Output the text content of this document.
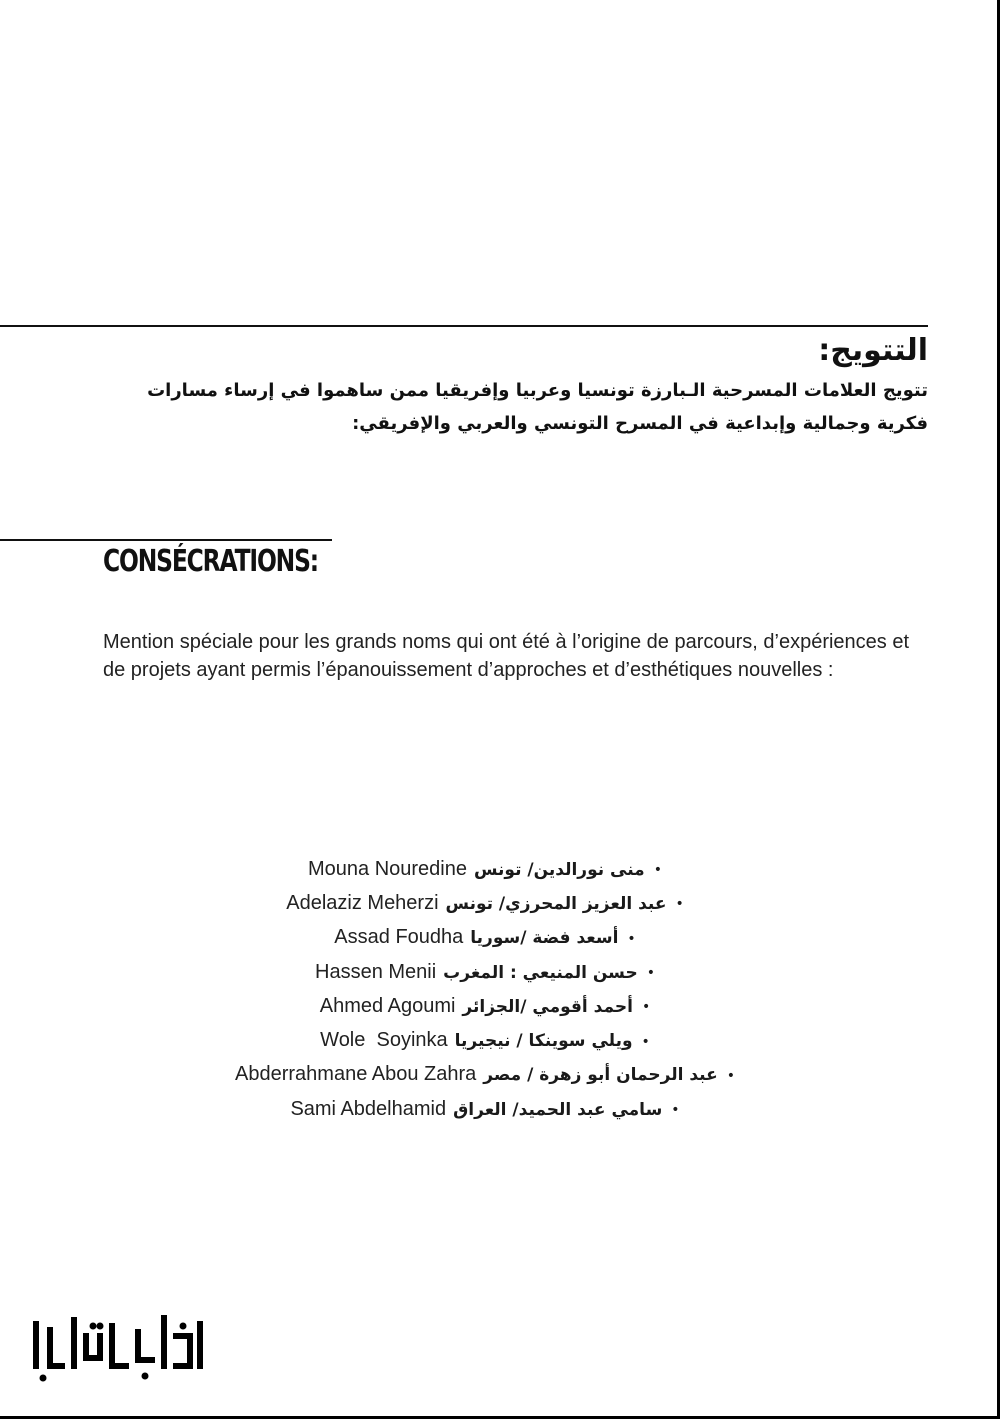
التتويج:

تتويج العلامات المسرحية الـبارزة تونسيا وعربيا وإفريقيا ممن ساهموا في إرساء مسارات فكرية وجمالية وإبداعية في المسرح التونسي والعربي والإفريقي:

CONSÉCRATIONS:

Mention spéciale pour les grands noms qui ont été à l’origine de parcours, d’expériences et de projets ayant permis l’épanouissement d’approches et d’esthétiques nouvelles :

•منى نورالدين/ تونسMouna Nouredine
•عبد العزيز المحرزي/ تونسAdelaziz Meherzi
•أسعد فضة /سورياAssad Foudha
•حسن المنيعي : المغربHassen Menii
•أحمد أقومي /الجزائرAhmed Agoumi
•ويلي سوينكا / نيجيرياWole  Soyinka
•عبد الرحمان أبو زهرة / مصرAbderrahmane Abou Zahra
•سامي عبد الحميد/ العراقSami Abdelhamid
